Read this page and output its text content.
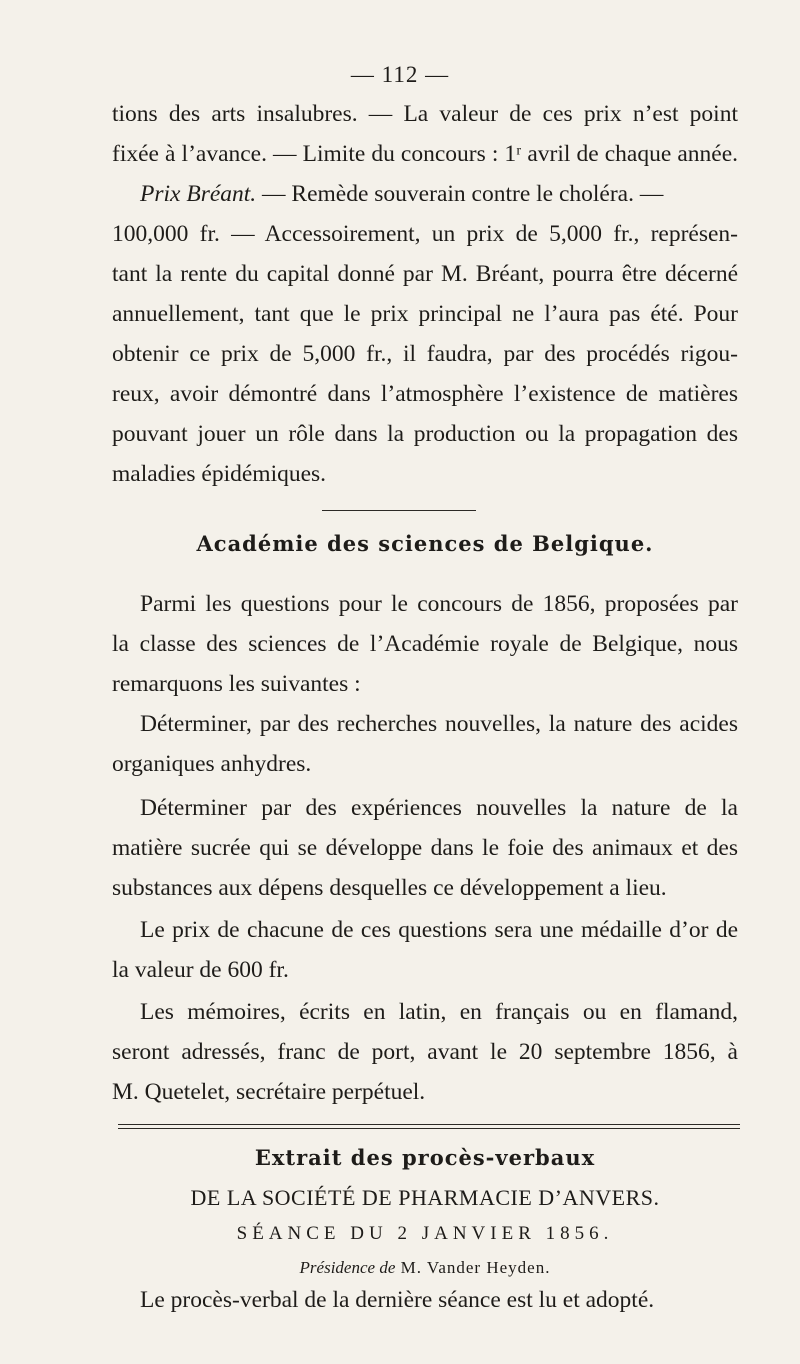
— 112 —
tions des arts insalubres. — La valeur de ces prix n’est point
fixée à l’avance. — Limite du concours : 1ʳ avril de chaque année.
Prix Bréant. — Remède souverain contre le choléra. —
100,000 fr. — Accessoirement, un prix de 5,000 fr., représen-
tant la rente du capital donné par M. Bréant, pourra être décerné
annuellement, tant que le prix principal ne l’aura pas été. Pour
obtenir ce prix de 5,000 fr., il faudra, par des procédés rigou-
reux, avoir démontré dans l’atmosphère l’existence de matières
pouvant jouer un rôle dans la production ou la propagation des
maladies épidémiques.
Académie des sciences de Belgique.
Parmi les questions pour le concours de 1856, proposées par
la classe des sciences de l’Académie royale de Belgique, nous
remarquons les suivantes :
Déterminer, par des recherches nouvelles, la nature des acides
organiques anhydres.
Déterminer par des expériences nouvelles la nature de la
matière sucrée qui se développe dans le foie des animaux et des
substances aux dépens desquelles ce développement a lieu.
Le prix de chacune de ces questions sera une médaille d’or de
la valeur de 600 fr.
Les mémoires, écrits en latin, en français ou en flamand,
seront adressés, franc de port, avant le 20 septembre 1856, à
M. Quetelet, secrétaire perpétuel.
Extrait des procès-verbaux
DE LA SOCIÉTÉ DE PHARMACIE D’ANVERS.
SÉANCE DU 2 JANVIER 1856.
Présidence de M. Vander Heyden.
Le procès-verbal de la dernière séance est lu et adopté.
